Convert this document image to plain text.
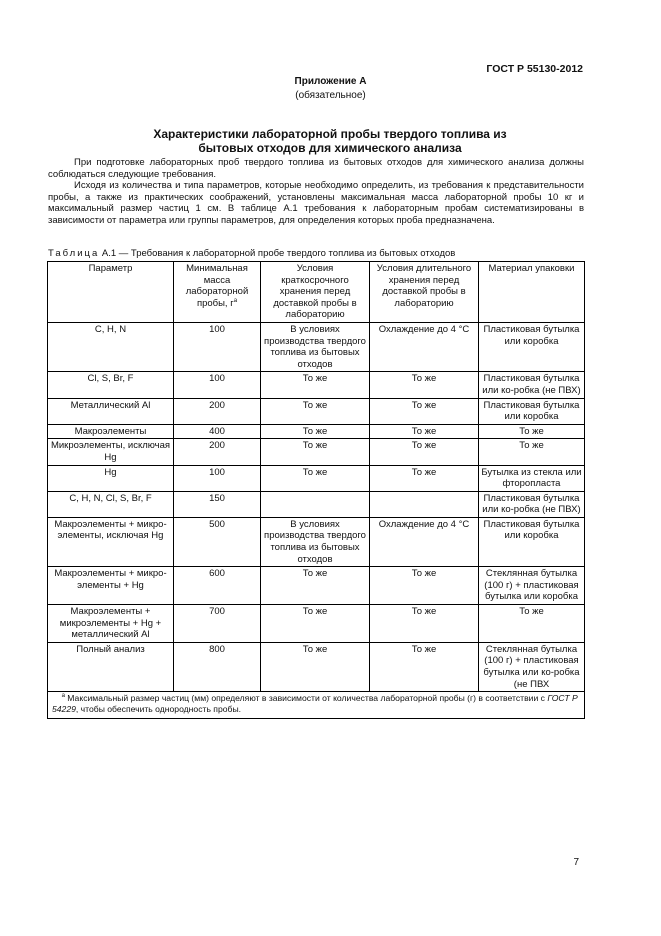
ГОСТ Р 55130-2012
Приложение А
(обязательное)
Характеристики лабораторной пробы твердого топлива из
бытовых отходов для химического анализа

При подготовке лабораторных проб твердого топлива из бытовых отходов для химического анализа должны соблюдаться следующие требования.

Исходя из количества и типа параметров, которые необходимо определить, из требования к представительности пробы, а также из практических соображений, установлены максимальная масса лабораторной пробы 10 кг и максимальный размер частиц 1 см. В таблице А.1 требования к лабораторным пробам систематизированы в зависимости от параметра или группы параметров, для определения которых проба предназначена.

Таблица А.1 — Требования к лабораторной пробе твердого топлива из бытовых отходов
Параметр	Минимальная масса лабораторной пробы, $г^а$	Условия краткосрочного хранения перед доставкой пробы в лабораторию	Условия длительного хранения перед доставкой пробы в лабораторию	Материал упаковки
C, H, N	100	В условиях производства твердого топлива из бытовых отходов	Охлаждение до 4 °С	Пластиковая бутылка или коробка
Cl, S, Br, F	100	То же	То же	Пластиковая бутылка или ко-робка (не ПВХ)
Металлический Al	200	То же	То же	Пластиковая бутылка или коробка
Макроэлементы	400	То же	То же	То же
Микроэлементы, исключая Hg	200	То же	То же	То же
Hg	100	То же	То же	Бутылка из стекла или фторопласта
C, H, N, Cl, S, Br, F	150			Пластиковая бутылка или ко-робка (не ПВХ)
Макроэлементы + микро-элементы, исключая Hg	500	В условиях производства твердого топлива из бытовых отходов	Охлаждение до 4 °С	Пластиковая бутылка или коробка
Макроэлементы + микро-элементы + Hg	600	То же	То же	Стеклянная бутылка (100 г) + пластиковая бутылка или коробка
Макроэлементы + микроэлементы + Hg + металлический Al	700	То же	То же	То же
Полный анализ	800	То же	То же	Стеклянная бутылка (100 г) + пластиковая бутылка или ко-робка (не ПВХ
$^а$ Максимальный размер частиц (мм) определяют в зависимости от количества лабораторной пробы (г) в соответствии с ГОСТ Р 54229, чтобы обеспечить однородность пробы.				
7
